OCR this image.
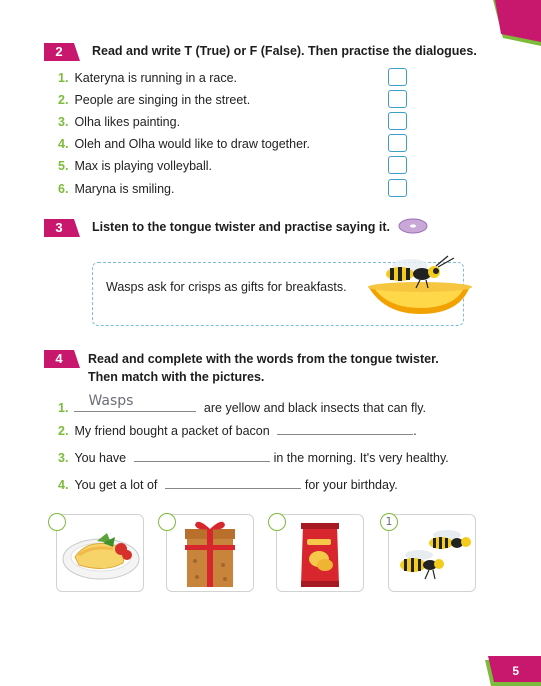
2	Read and write T (True) or F (False). Then practise the dialogues.
1. Kateryna is running in a race.
2. People are singing in the street.
3. Olha likes painting.
4. Oleh and Olha would like to draw together.
5. Max is playing volleyball.
6. Maryna is smiling.
3	Listen to the tongue twister and practise saying it.
Wasps ask for crisps as gifts for breakfasts.
4	Read and complete with the words from the tongue twister.
Then match with the pictures.
1. Wasps	are yellow and black insects that can fly.
2. My friend bought a packet of bacon	.
3. You have	in the morning. It's very healthy.
4. You get a lot of	for your birthday.
1
5
